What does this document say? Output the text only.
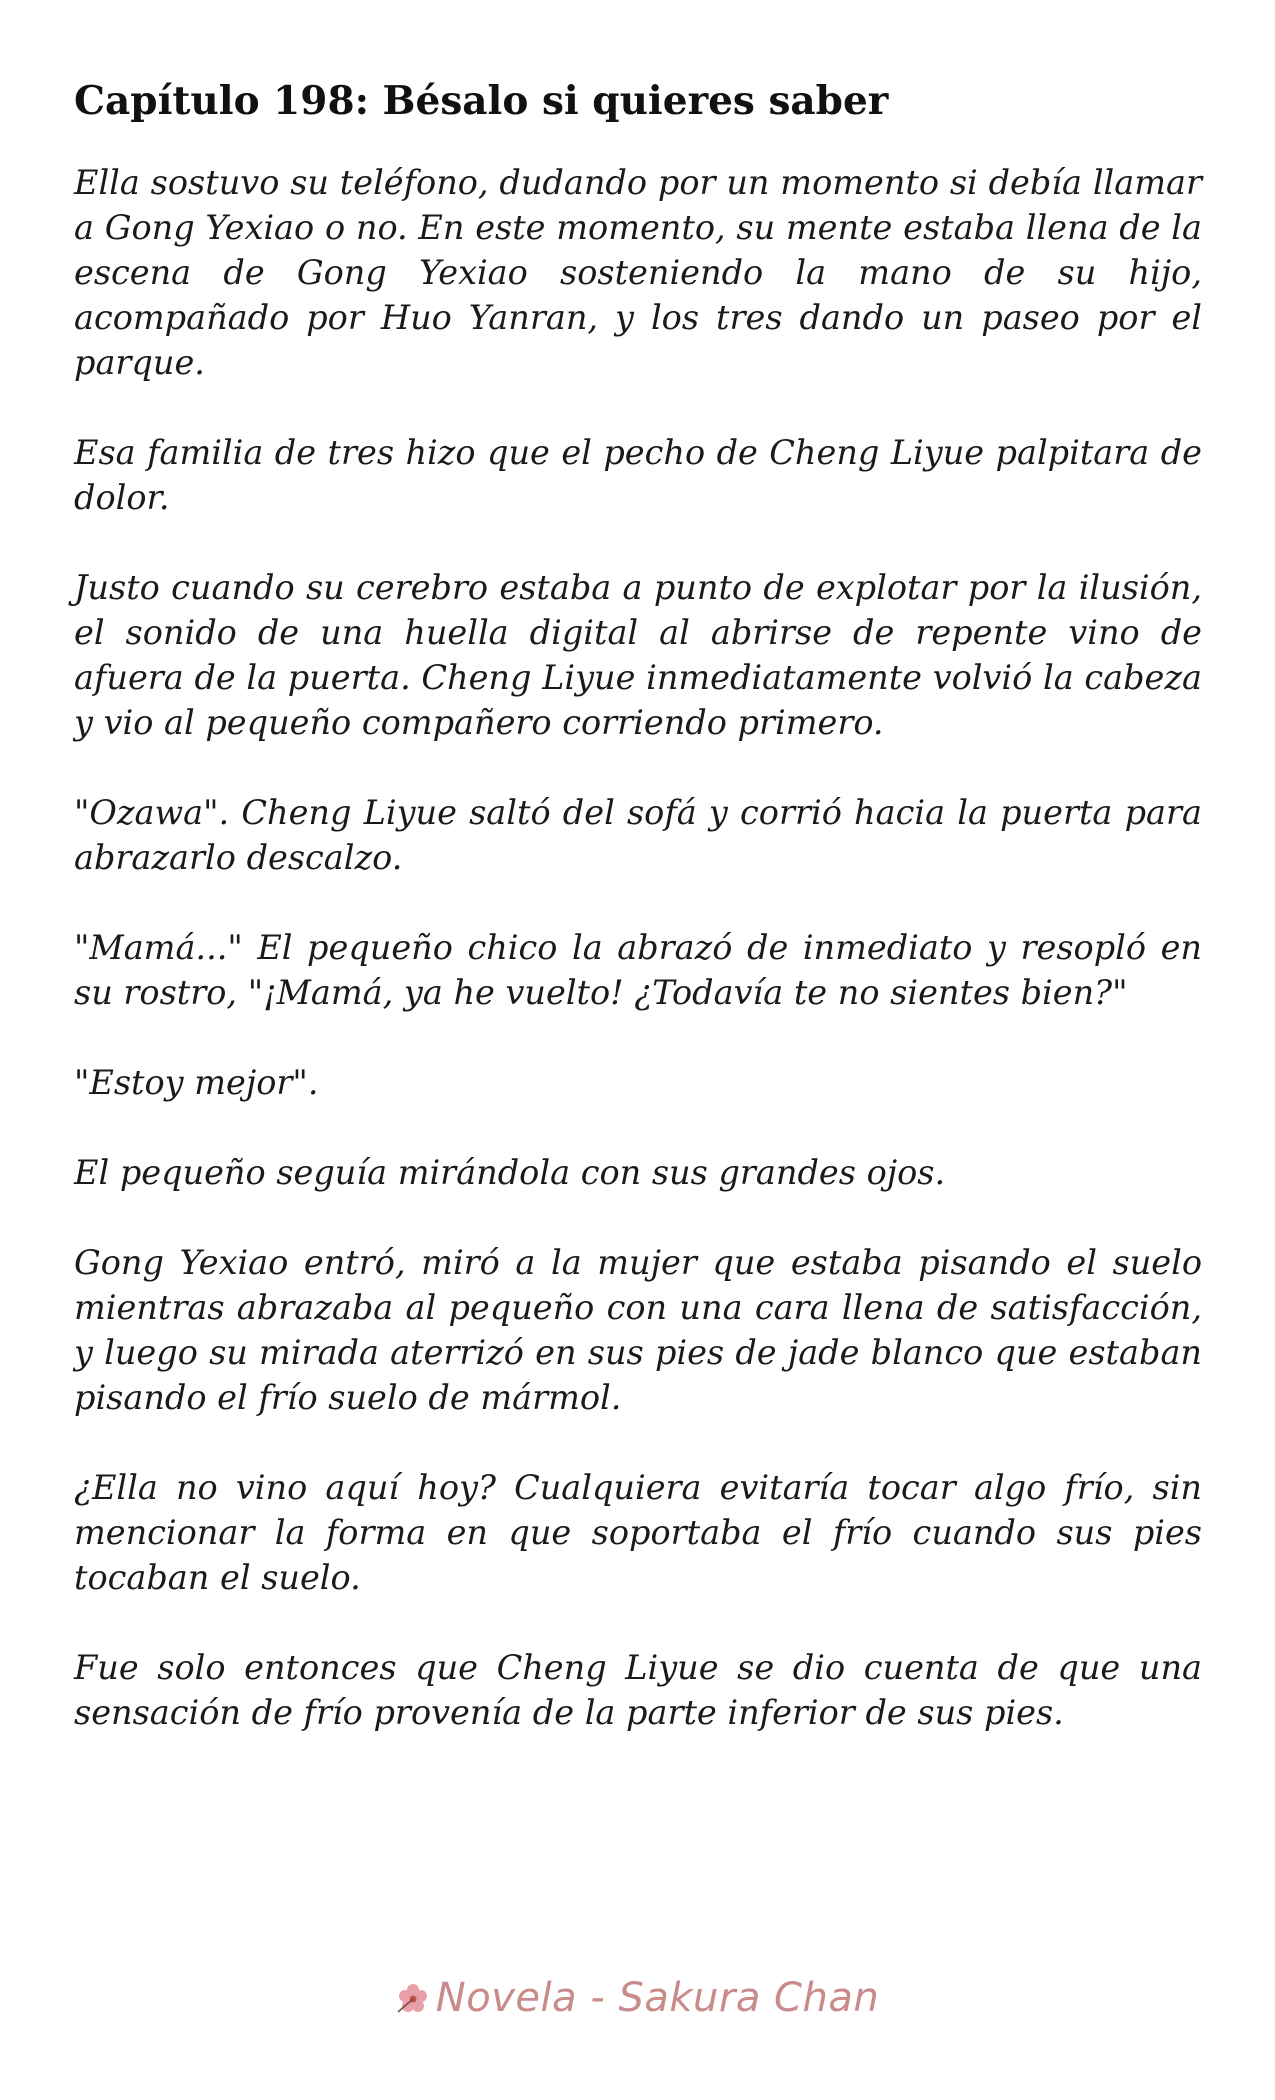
Capítulo 198: Bésalo si quieres saber

Ella sostuvo su teléfono, dudando por un momento si debía llamar a Gong Yexiao o no. En este momento, su mente estaba llena de la escena de Gong Yexiao sosteniendo la mano de su hijo, acompañado por Huo Yanran, y los tres dando un paseo por el parque.

Esa familia de tres hizo que el pecho de Cheng Liyue palpitara de dolor.

Justo cuando su cerebro estaba a punto de explotar por la ilusión, el sonido de una huella digital al abrirse de repente vino de afuera de la puerta. Cheng Liyue inmediatamente volvió la cabeza y vio al pequeño compañero corriendo primero.

"Ozawa". Cheng Liyue saltó del sofá y corrió hacia la puerta para abrazarlo descalzo.

"Mamá..." El pequeño chico la abrazó de inmediato y resopló en su rostro, "¡Mamá, ya he vuelto! ¿Todavía te no sientes bien?"

"Estoy mejor".

El pequeño seguía mirándola con sus grandes ojos.

Gong Yexiao entró, miró a la mujer que estaba pisando el suelo mientras abrazaba al pequeño con una cara llena de satisfacción, y luego su mirada aterrizó en sus pies de jade blanco que estaban pisando el frío suelo de mármol.

¿Ella no vino aquí hoy? Cualquiera evitaría tocar algo frío, sin mencionar la forma en que soportaba el frío cuando sus pies tocaban el suelo.

Fue solo entonces que Cheng Liyue se dio cuenta de que una sensación de frío provenía de la parte inferior de sus pies.

Novela - Sakura Chan
